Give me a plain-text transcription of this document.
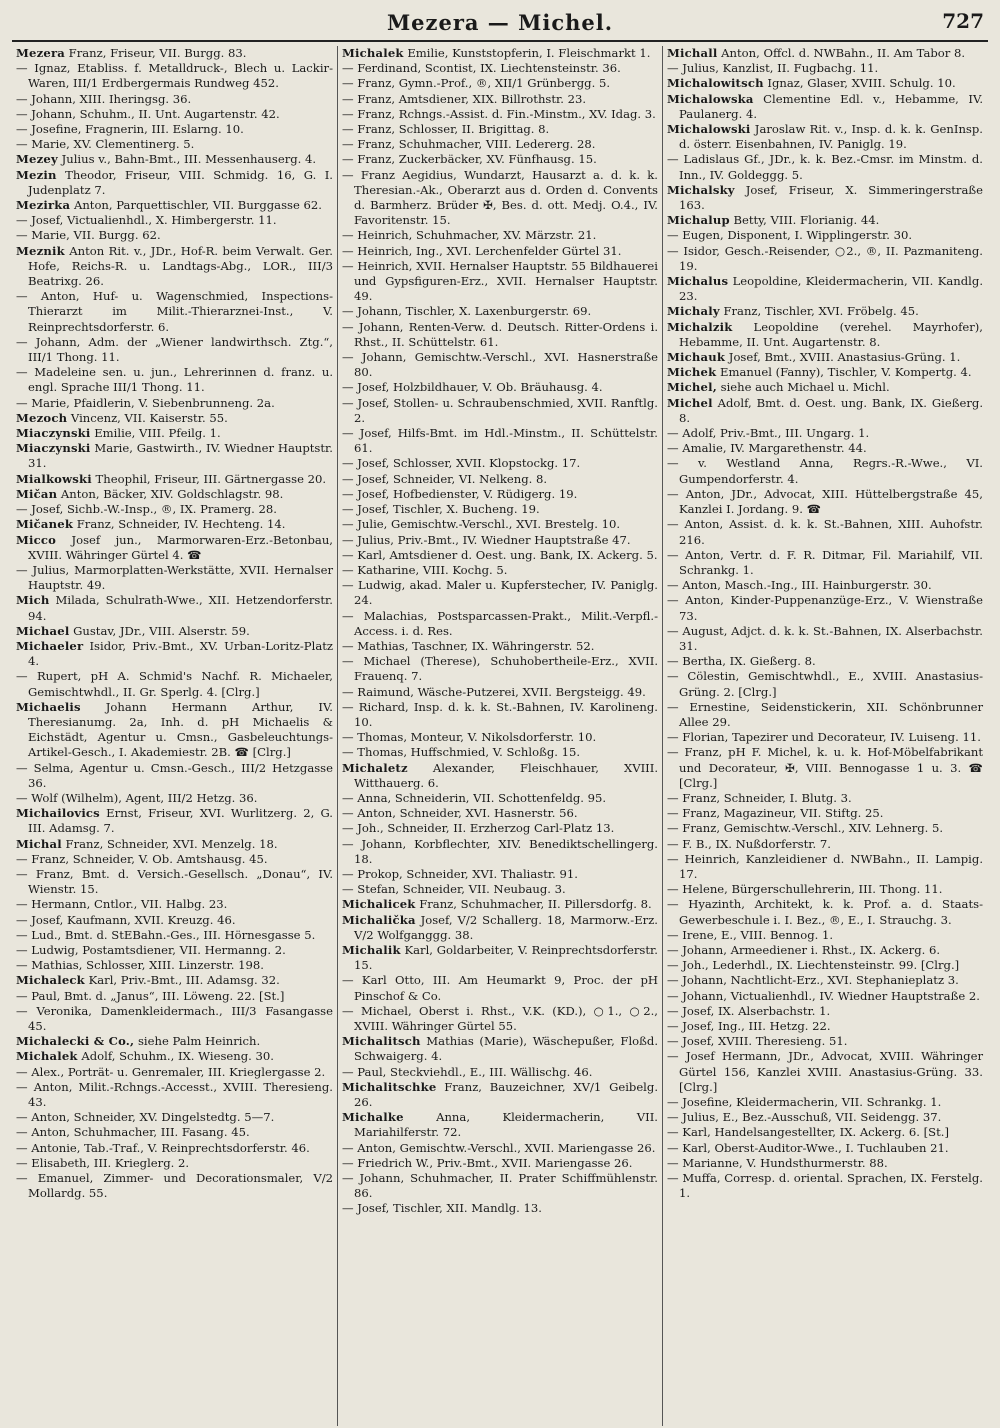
Mezera — Michel.	727

Mezera Franz, Friseur, VII. Burgg. 83.

— Ignaz, Etabliss. f. Metalldruck-, Blech u. Lackir-Waren, III/1 Erdbergermais Rundweg 452.

— Johann, XIII. Iheringsg. 36.

— Johann, Schuhm., II. Unt. Augartenstr. 42.

— Josefine, Fragnerin, III. Eslarng. 10.

— Marie, XV. Clementinerg. 5.

Mezey Julius v., Bahn-Bmt., III. Messenhauserg. 4.

Mezin Theodor, Friseur, VIII. Schmidg. 16, G. I. Judenplatz 7.

Mezirka Anton, Parquettischler, VII. Burggasse 62.

— Josef, Victualienhdl., X. Himbergerstr. 11.

— Marie, VII. Burgg. 62.

Meznik Anton Rit. v., JDr., Hof-R. beim Verwalt. Ger. Hofe, Reichs-R. u. Landtags-Abg., LOR., III/3 Beatrixg. 26.

— Anton, Huf- u. Wagenschmied, Inspections-Thierarzt im Milit.-Thierarznei-Inst., V. Reinprechtsdorferstr. 6.

— Johann, Adm. der „Wiener landwirthsch. Ztg.“, III/1 Thong. 11.

— Madeleine sen. u. jun., Lehrerinnen d. franz. u. engl. Sprache III/1 Thong. 11.

— Marie, Pfaidlerin, V. Siebenbrunneng. 2a.

Mezoch Vincenz, VII. Kaiserstr. 55.

Miaczynski Emilie, VIII. Pfeilg. 1.

Miaczynski Marie, Gastwirth., IV. Wiedner Hauptstr. 31.

Mialkowski Theophil, Friseur, III. Gärtnergasse 20.

Mičan Anton, Bäcker, XIV. Goldschlagstr. 98.

— Josef, Sichb.-W.-Insp., ®, IX. Pramerg. 28.

Mičanek Franz, Schneider, IV. Hechteng. 14.

Micco Josef jun., Marmorwaren-Erz.-Betonbau, XVIII. Währinger Gürtel 4. ☎

— Julius, Marmorplatten-Werkstätte, XVII. Hernalser Hauptstr. 49.

Mich Milada, Schulrath-Wwe., XII. Hetzendorferstr. 94.

Michael Gustav, JDr., VIII. Alserstr. 59.

Michaeler Isidor, Priv.-Bmt., XV. Urban-Loritz-Platz 4.

— Rupert, pH A. Schmid's Nachf. R. Michaeler, Gemischtwhdl., II. Gr. Sperlg. 4. [Clrg.]

Michaelis Johann Hermann Arthur, IV. Theresianumg. 2a, Inh. d. pH Michaelis & Eichstädt, Agentur u. Cmsn., Gasbeleuchtungs-Artikel-Gesch., I. Akademiestr. 2B. ☎ [Clrg.]

— Selma, Agentur u. Cmsn.-Gesch., III/2 Hetzgasse 36.

— Wolf (Wilhelm), Agent, III/2 Hetzg. 36.

Michailovics Ernst, Friseur, XVI. Wurlitzerg. 2, G. III. Adamsg. 7.

Michal Franz, Schneider, XVI. Menzelg. 18.

— Franz, Schneider, V. Ob. Amtshausg. 45.

— Franz, Bmt. d. Versich.-Gesellsch. „Donau“, IV. Wienstr. 15.

— Hermann, Cntlor., VII. Halbg. 23.

— Josef, Kaufmann, XVII. Kreuzg. 46.

— Lud., Bmt. d. StEBahn.-Ges., III. Hörnesgasse 5.

— Ludwig, Postamtsdiener, VII. Hermanng. 2.

— Mathias, Schlosser, XIII. Linzerstr. 198.

Michaleck Karl, Priv.-Bmt., III. Adamsg. 32.

— Paul, Bmt. d. „Janus“, III. Löweng. 22. [St.]

— Veronika, Damenkleidermach., III/3 Fasangasse 45.

Michalecki & Co., siehe Palm Heinrich.

Michalek Adolf, Schuhm., IX. Wieseng. 30.

— Alex., Porträt- u. Genremaler, III. Krieglergasse 2.

— Anton, Milit.-Rchngs.-Accesst., XVIII. Theresieng. 43.

— Anton, Schneider, XV. Dingelstedtg. 5—7.

— Anton, Schuhmacher, III. Fasang. 45.

— Antonie, Tab.-Traf., V. Reinprechtsdorferstr. 46.

— Elisabeth, III. Krieglerg. 2.

— Emanuel, Zimmer- und Decorationsmaler, V/2 Mollardg. 55.

Michalek Emilie, Kunststopferin, I. Fleischmarkt 1.

— Ferdinand, Scontist, IX. Liechtensteinstr. 36.

— Franz, Gymn.-Prof., ®, XII/1 Grünbergg. 5.

— Franz, Amtsdiener, XIX. Billrothstr. 23.

— Franz, Rchngs.-Assist. d. Fin.-Minstm., XV. Idag. 3.

— Franz, Schlosser, II. Brigittag. 8.

— Franz, Schuhmacher, VIII. Ledererg. 28.

— Franz, Zuckerbäcker, XV. Fünfhausg. 15.

— Franz Aegidius, Wundarzt, Hausarzt a. d. k. k. Theresian.-Ak., Oberarzt aus d. Orden d. Convents d. Barmherz. Brüder ✠, Bes. d. ott. Medj. O.4., IV. Favoritenstr. 15.

— Heinrich, Schuhmacher, XV. Märzstr. 21.

— Heinrich, Ing., XVI. Lerchenfelder Gürtel 31.

— Heinrich, XVII. Hernalser Hauptstr. 55 Bildhauerei und Gypsfiguren-Erz., XVII. Hernalser Hauptstr. 49.

— Johann, Tischler, X. Laxenburgerstr. 69.

— Johann, Renten-Verw. d. Deutsch. Ritter-Ordens i. Rhst., II. Schüttelstr. 61.

— Johann, Gemischtw.-Verschl., XVI. Hasnerstraße 80.

— Josef, Holzbildhauer, V. Ob. Bräuhausg. 4.

— Josef, Stollen- u. Schraubenschmied, XVII. Ranftlg. 2.

— Josef, Hilfs-Bmt. im Hdl.-Minstm., II. Schüttelstr. 61.

— Josef, Schlosser, XVII. Klopstockg. 17.

— Josef, Schneider, VI. Nelkeng. 8.

— Josef, Hofbedienster, V. Rüdigerg. 19.

— Josef, Tischler, X. Bucheng. 19.

— Julie, Gemischtw.-Verschl., XVI. Brestelg. 10.

— Julius, Priv.-Bmt., IV. Wiedner Hauptstraße 47.

— Karl, Amtsdiener d. Oest. ung. Bank, IX. Ackerg. 5.

— Katharine, VIII. Kochg. 5.

— Ludwig, akad. Maler u. Kupferstecher, IV. Paniglg. 24.

— Malachias, Postsparcassen-Prakt., Milit.-Verpfl.-Access. i. d. Res.

— Mathias, Taschner, IX. Währingerstr. 52.

— Michael (Therese), Schuhobertheile-Erz., XVII. Frauenq. 7.

— Raimund, Wäsche-Putzerei, XVII. Bergsteigg. 49.

— Richard, Insp. d. k. k. St.-Bahnen, IV. Karolineng. 10.

— Thomas, Monteur, V. Nikolsdorferstr. 10.

— Thomas, Huffschmied, V. Schloßg. 15.

Michaletz Alexander, Fleischhauer, XVIII. Witthauerg. 6.

— Anna, Schneiderin, VII. Schottenfeldg. 95.

— Anton, Schneider, XVI. Hasnerstr. 56.

— Joh., Schneider, II. Erzherzog Carl-Platz 13.

— Johann, Korbflechter, XIV. Benediktschellingerg. 18.

— Prokop, Schneider, XVI. Thaliastr. 91.

— Stefan, Schneider, VII. Neubaug. 3.

Michalicek Franz, Schuhmacher, II. Pillersdorfg. 8.

Michalička Josef, V/2 Schallerg. 18, Marmorw.-Erz. V/2 Wolfganggg. 38.

Michalik Karl, Goldarbeiter, V. Reinprechtsdorferstr. 15.

— Karl Otto, III. Am Heumarkt 9, Proc. der pH Pinschof & Co.

— Michael, Oberst i. Rhst., V.K. (KD.), ○1., ○2., XVIII. Währinger Gürtel 55.

Michalitsch Mathias (Marie), Wäschepußer, Floßd. Schwaigerg. 4.

— Paul, Steckviehdl., E., III. Wällischg. 46.

Michalitschke Franz, Bauzeichner, XV/1 Geibelg. 26.

Michalke Anna, Kleidermacherin, VII. Mariahilferstr. 72.

— Anton, Gemischtw.-Verschl., XVII. Mariengasse 26.

— Friedrich W., Priv.-Bmt., XVII. Mariengasse 26.

— Johann, Schuhmacher, II. Prater Schiffmühlenstr. 86.

— Josef, Tischler, XII. Mandlg. 13.

Michall Anton, Offcl. d. NWBahn., II. Am Tabor 8.

— Julius, Kanzlist, II. Fugbachg. 11.

Michalowitsch Ignaz, Glaser, XVIII. Schulg. 10.

Michalowska Clementine Edl. v., Hebamme, IV. Paulanerg. 4.

Michalowski Jaroslaw Rit. v., Insp. d. k. k. GenInsp. d. österr. Eisenbahnen, IV. Paniglg. 19.

— Ladislaus Gf., JDr., k. k. Bez.-Cmsr. im Minstm. d. Inn., IV. Goldeggg. 5.

Michalsky Josef, Friseur, X. Simmeringerstraße 163.

Michalup Betty, VIII. Florianig. 44.

— Eugen, Disponent, I. Wipplingerstr. 30.

— Isidor, Gesch.-Reisender, ○2., ®, II. Pazmaniteng. 19.

Michalus Leopoldine, Kleidermacherin, VII. Kandlg. 23.

Michaly Franz, Tischler, XVI. Fröbelg. 45.

Michalzik Leopoldine (verehel. Mayrhofer), Hebamme, II. Unt. Augartenstr. 8.

Michauk Josef, Bmt., XVIII. Anastasius-Grüng. 1.

Michek Emanuel (Fanny), Tischler, V. Kompertg. 4.

Michel, siehe auch Michael u. Michl.

Michel Adolf, Bmt. d. Oest. ung. Bank, IX. Gießerg. 8.

— Adolf, Priv.-Bmt., III. Ungarg. 1.

— Amalie, IV. Margarethenstr. 44.

— v. Westland Anna, Regrs.-R.-Wwe., VI. Gumpendorferstr. 4.

— Anton, JDr., Advocat, XIII. Hüttelbergstraße 45, Kanzlei I. Jordang. 9. ☎

— Anton, Assist. d. k. k. St.-Bahnen, XIII. Auhofstr. 216.

— Anton, Vertr. d. F. R. Ditmar, Fil. Mariahilf, VII. Schrankg. 1.

— Anton, Masch.-Ing., III. Hainburgerstr. 30.

— Anton, Kinder-Puppenanzüge-Erz., V. Wienstraße 73.

— August, Adjct. d. k. k. St.-Bahnen, IX. Alserbachstr. 31.

— Bertha, IX. Gießerg. 8.

— Cölestin, Gemischtwhdl., E., XVIII. Anastasius-Grüng. 2. [Clrg.]

— Ernestine, Seidenstickerin, XII. Schönbrunner Allee 29.

— Florian, Tapezirer und Decorateur, IV. Luiseng. 11.

— Franz, pH F. Michel, k. u. k. Hof-Möbelfabrikant und Decorateur, ✠, VIII. Bennogasse 1 u. 3. ☎ [Clrg.]

— Franz, Schneider, I. Blutg. 3.

— Franz, Magazineur, VII. Stiftg. 25.

— Franz, Gemischtw.-Verschl., XIV. Lehnerg. 5.

— F. B., IX. Nußdorferstr. 7.

— Heinrich, Kanzleidiener d. NWBahn., II. Lampig. 17.

— Helene, Bürgerschullehrerin, III. Thong. 11.

— Hyazinth, Architekt, k. k. Prof. a. d. Staats-Gewerbeschule i. I. Bez., ®, E., I. Strauchg. 3.

— Irene, E., VIII. Bennog. 1.

— Johann, Armeediener i. Rhst., IX. Ackerg. 6.

— Joh., Lederhdl., IX. Liechtensteinstr. 99. [Clrg.]

— Johann, Nachtlicht-Erz., XVI. Stephanieplatz 3.

— Johann, Victualienhdl., IV. Wiedner Hauptstraße 2.

— Josef, IX. Alserbachstr. 1.

— Josef, Ing., III. Hetzg. 22.

— Josef, XVIII. Theresieng. 51.

— Josef Hermann, JDr., Advocat, XVIII. Währinger Gürtel 156, Kanzlei XVIII. Anastasius-Grüng. 33. [Clrg.]

— Josefine, Kleidermacherin, VII. Schrankg. 1.

— Julius, E., Bez.-Ausschuß, VII. Seidengg. 37.

— Karl, Handelsangestellter, IX. Ackerg. 6. [St.]

— Karl, Oberst-Auditor-Wwe., I. Tuchlauben 21.

— Marianne, V. Hundsthurmerstr. 88.

— Muffa, Corresp. d. oriental. Sprachen, IX. Ferstelg. 1.
